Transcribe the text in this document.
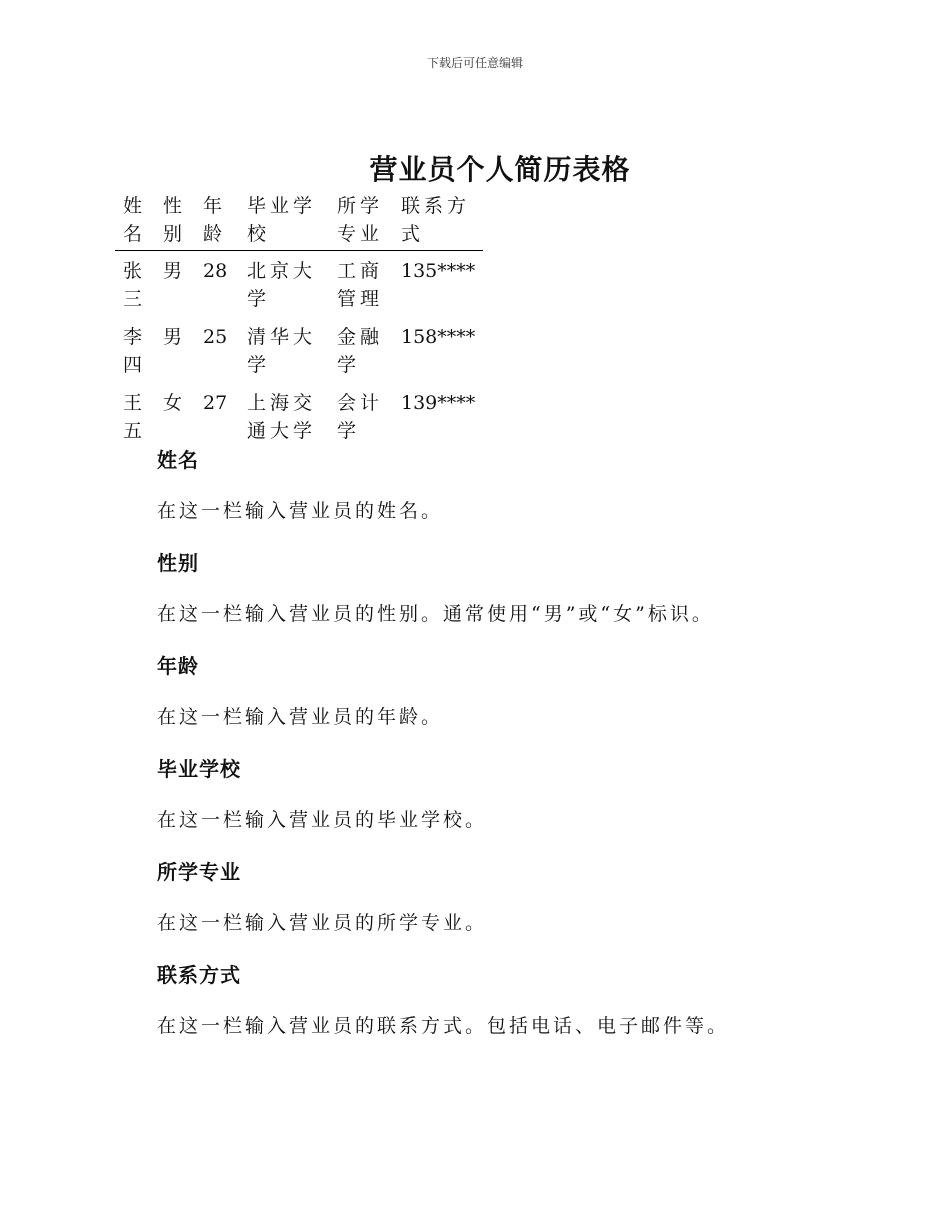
下载后可任意编辑
营业员个人简历表格
姓名	性别	年龄	毕业学校	所学专业	联系方式
张三	男	28	北京大学	工商管理	135****
李四	男	25	清华大学	金融学	158****
王五	女	27	上海交通大学	会计学	139****
姓名

在这一栏输入营业员的姓名。

性别

在这一栏输入营业员的性别。通常使用“男”或“女”标识。

年龄

在这一栏输入营业员的年龄。

毕业学校

在这一栏输入营业员的毕业学校。

所学专业

在这一栏输入营业员的所学专业。

联系方式

在这一栏输入营业员的联系方式。包括电话、电子邮件等。
